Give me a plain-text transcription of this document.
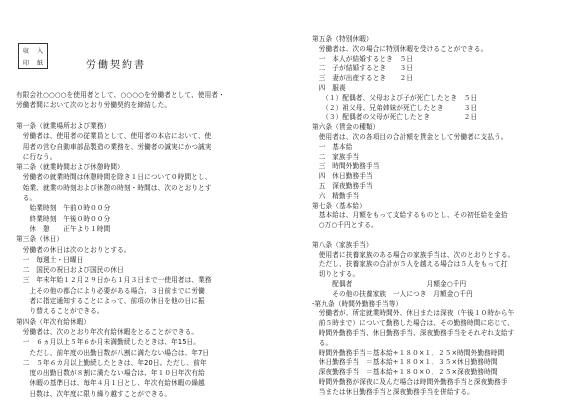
収	入
印	紙	労働契約書
有限会社○○○○を使用者として、○○○○を労働者として、使用者・
労働者間において次のとおり労働契約を締結した。
第一条（就業場所および業務）
　労働者は、使用者の従業員として、使用者の本店において、使
　用者の営む自動車部品製造の業務を、労働者の誠実にかつ誠実
　に行なう。
第二条（就業時間および休憩時間）
　労働者の就業時間は休憩時間を除き１日について０時間とし、
　始業、就業の時刻および休憩の時刻・時間は、次のとおりとす
　る。
　　始業時刻　午前０時００分
　　終業時刻　午後０時００分
　　休　憩　　正午より１時間
第三条（休日）
　労働者の休日は次のとおりとする。
　一　毎週土・日曜日
　二　国民の祝日および国民の休日
　三　年末年始１２月２９日から１月３日まで一使用者は、業務
　　上その他の都合により必要がある場合、３日前までに労働
　　者に指定通知することによって、前項の休日を他の日に振
　　り替えることができる。
第四条（年次有給休暇）
　労働者は、次のとおり年次有給休暇をとることができる。
　一　６ヵ月以上５年６か月未満勤続したときは、年15日。
　　ただし、前年度の出勤日数が八割に満たない場合は、年7日
　二　５年６カ月以上勤続したときは、年20日。ただし、前年
　　度の出勤日数が８割に満たない場合は、年１０日年次有給
　　休暇の基準日は、毎年４月１日とし、年次有給休暇の繰越
　　日数は、次年度に限り繰り越すことができる。
第五条（特別休暇）
　労働者は、次の場合に特別休暇を受けることができる。
　一　本人が結婚するとき　５日
　二　子が結婚するとき　　３日
　三　妻が出産するとき　　２日
　四　服喪
　　（１）配偶者、父母および子が死亡したとき　５日
　　（２）祖父母、兄弟姉妹が死亡したとき　　　３日
　　（３）配偶者の父母が死亡したとき　　　　　２日
第六条（賃金の種類）
　使用者は、次の各項目の合計額を賃金として労働者に支払う。
　一　基本給
　二　家族手当
　三　時間外勤務手当
　四　休日勤務手当
　五　深夜勤務手当
　六　精勤手当
第七条（基本給）
　基本給は、月額をもって支給するものとし、その初任給を金拾
　○万○千円とする。
第八条（家族手当）
　使用者に扶養家族のある場合の家族手当は、次のとおりとする。
　ただし、扶養家族の合計が５人を越える場合は５人をもって打
　切りとする。
　　　配偶者　　　　　　　　　　　月額金○千円
　　　その他の扶養家族　一人につき　月額金○千円
-第九条（時間外勤務手当等）
　労働者が、所定就業時間外、休日または深夜（午後１０時から午
　前５時まで）について勤務した場合は、その勤務時間に応じて、
　時間外勤務手当、休日勤務手当、深夜勤務手当をそれぞれ支給す
　る。
　時間外勤務手当＝基本給÷１８０×１．２５×時間外勤務時間
　休日勤務手当　＝基本給÷１８０×１．３５×休日勤務時間
　深夜勤務手当　＝基本給÷１８０×０．２５×深夜勤務時間
　時間外勤務が深夜に及んだ場合は時間外勤務手当と深夜勤務手
　当または休日勤務手当と深夜勤務手当を併給する。
